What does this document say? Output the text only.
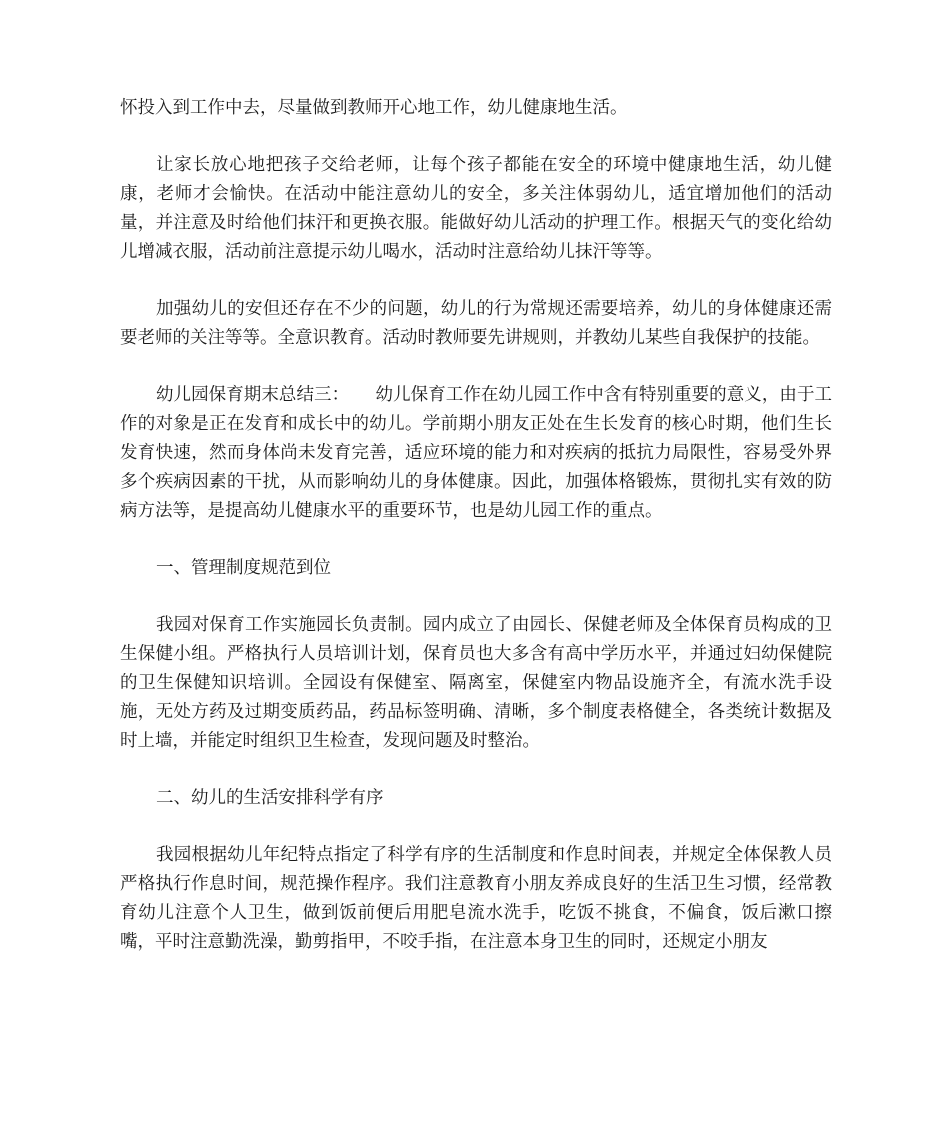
怀投入到工作中去，尽量做到教师开心地工作，幼儿健康地生活。

让家长放心地把孩子交给老师，让每个孩子都能在安全的环境中健康地生活，幼儿健康，老师才会愉快。在活动中能注意幼儿的安全，多关注体弱幼儿，适宜增加他们的活动量，并注意及时给他们抹汗和更换衣服。能做好幼儿活动的护理工作。根据天气的变化给幼儿增减衣服，活动前注意提示幼儿喝水，活动时注意给幼儿抹汗等等。

加强幼儿的安但还存在不少的问题，幼儿的行为常规还需要培养，幼儿的身体健康还需要老师的关注等等。全意识教育。活动时教师要先讲规则，并教幼儿某些自我保护的技能。

幼儿园保育期末总结三：　　幼儿保育工作在幼儿园工作中含有特别重要的意义，由于工作的对象是正在发育和成长中的幼儿。学前期小朋友正处在生长发育的核心时期，他们生长发育快速，然而身体尚未发育完善，适应环境的能力和对疾病的抵抗力局限性，容易受外界多个疾病因素的干扰，从而影响幼儿的身体健康。因此，加强体格锻炼，贯彻扎实有效的防病方法等，是提高幼儿健康水平的重要环节，也是幼儿园工作的重点。

一、管理制度规范到位

我园对保育工作实施园长负责制。园内成立了由园长、保健老师及全体保育员构成的卫生保健小组。严格执行人员培训计划，保育员也大多含有高中学历水平，并通过妇幼保健院的卫生保健知识培训。全园设有保健室、隔离室，保健室内物品设施齐全，有流水洗手设施，无处方药及过期变质药品，药品标签明确、清晰，多个制度表格健全，各类统计数据及时上墙，并能定时组织卫生检查，发现问题及时整治。

二、幼儿的生活安排科学有序

我园根据幼儿年纪特点指定了科学有序的生活制度和作息时间表，并规定全体保教人员严格执行作息时间，规范操作程序。我们注意教育小朋友养成良好的生活卫生习惯，经常教育幼儿注意个人卫生，做到饭前便后用肥皂流水洗手，吃饭不挑食，不偏食，饭后漱口擦嘴，平时注意勤洗澡，勤剪指甲，不咬手指，在注意本身卫生的同时，还规定小朋友
